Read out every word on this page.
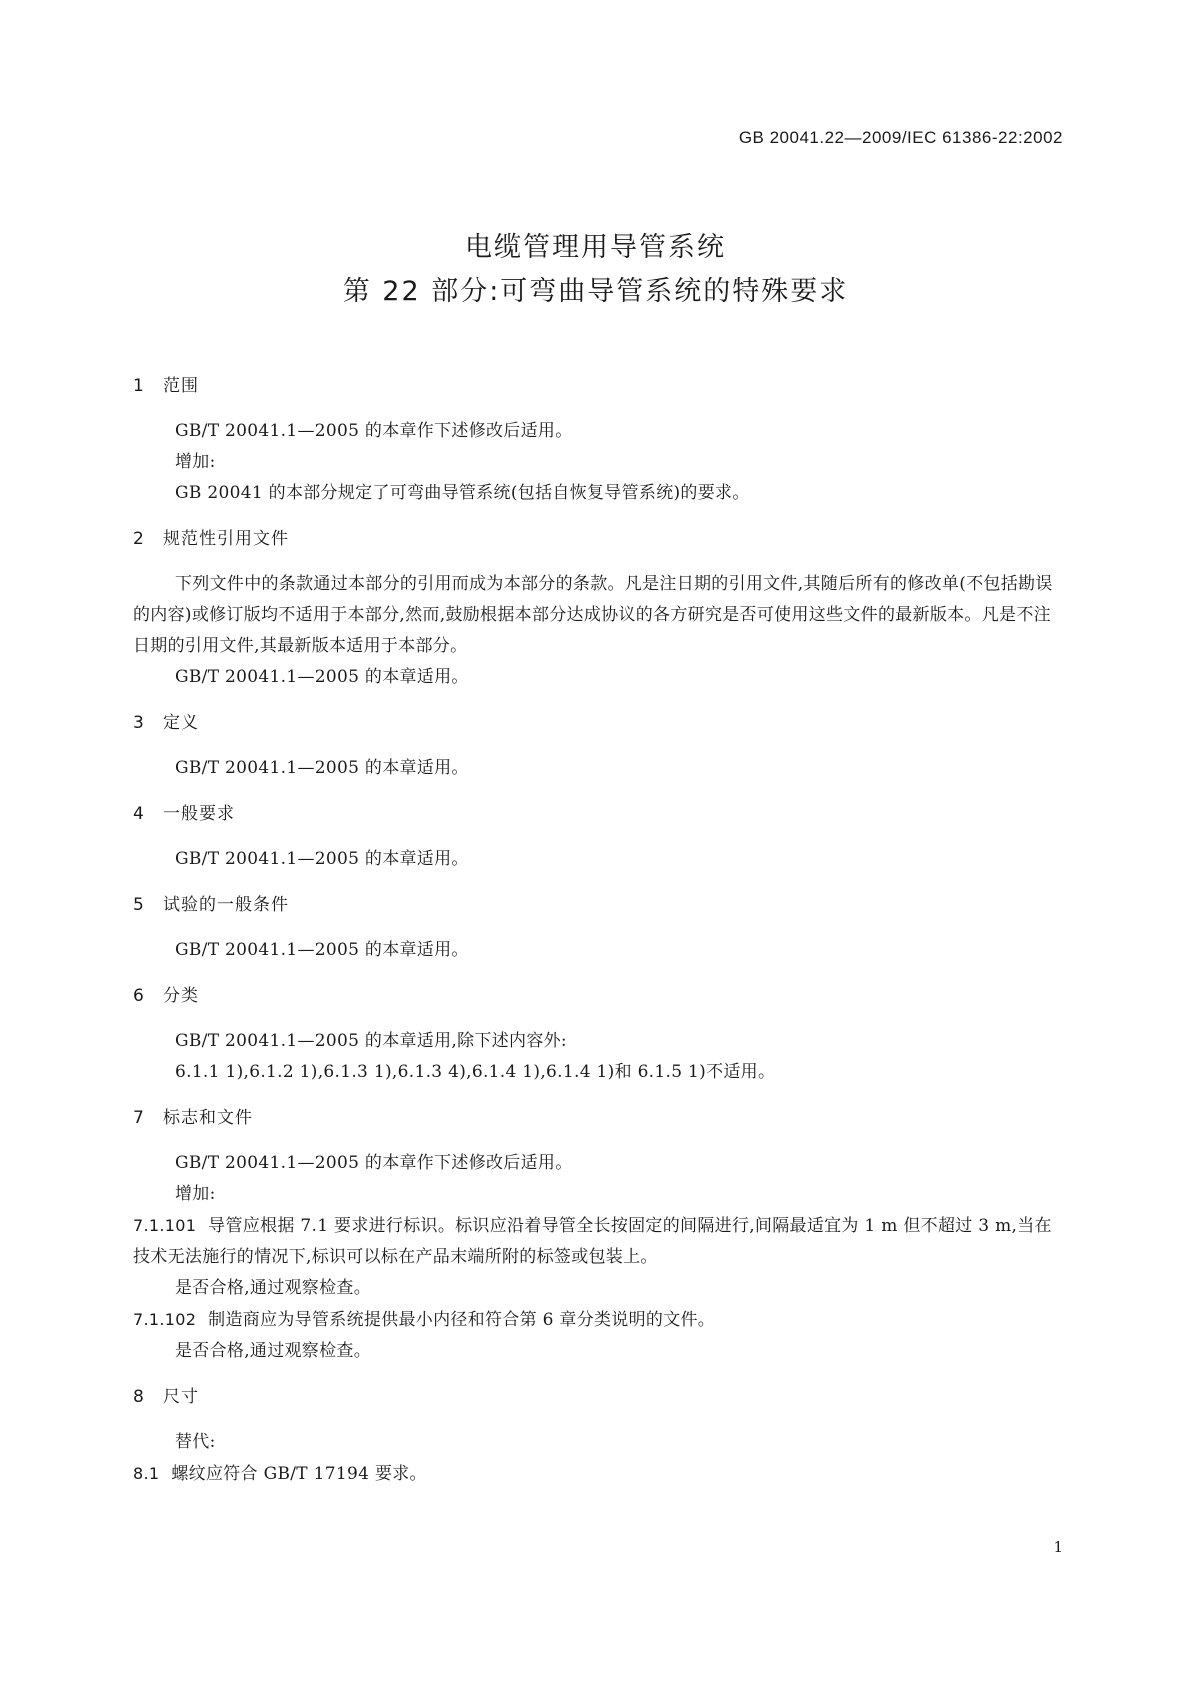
GB 20041.22—2009/IEC 61386-22:2002
电缆管理用导管系统
第 22 部分:可弯曲导管系统的特殊要求
1 范围
GB/T 20041.1—2005 的本章作下述修改后适用。
增加:
GB 20041 的本部分规定了可弯曲导管系统(包括自恢复导管系统)的要求。
2 规范性引用文件
下列文件中的条款通过本部分的引用而成为本部分的条款。凡是注日期的引用文件,其随后所有的修改单(不包括勘误的内容)或修订版均不适用于本部分,然而,鼓励根据本部分达成协议的各方研究是否可使用这些文件的最新版本。凡是不注日期的引用文件,其最新版本适用于本部分。
GB/T 20041.1—2005 的本章适用。
3 定义
GB/T 20041.1—2005 的本章适用。
4 一般要求
GB/T 20041.1—2005 的本章适用。
5 试验的一般条件
GB/T 20041.1—2005 的本章适用。
6 分类
GB/T 20041.1—2005 的本章适用,除下述内容外:
6.1.1 1),6.1.2 1),6.1.3 1),6.1.3 4),6.1.4 1),6.1.4 1)和 6.1.5 1)不适用。
7 标志和文件
GB/T 20041.1—2005 的本章作下述修改后适用。
增加:
7.1.101 导管应根据 7.1 要求进行标识。标识应沿着导管全长按固定的间隔进行,间隔最适宜为 1 m 但不超过 3 m,当在技术无法施行的情况下,标识可以标在产品末端所附的标签或包装上。
是否合格,通过观察检查。
7.1.102 制造商应为导管系统提供最小内径和符合第 6 章分类说明的文件。
是否合格,通过观察检查。
8 尺寸
替代:
8.1 螺纹应符合 GB/T 17194 要求。
1
